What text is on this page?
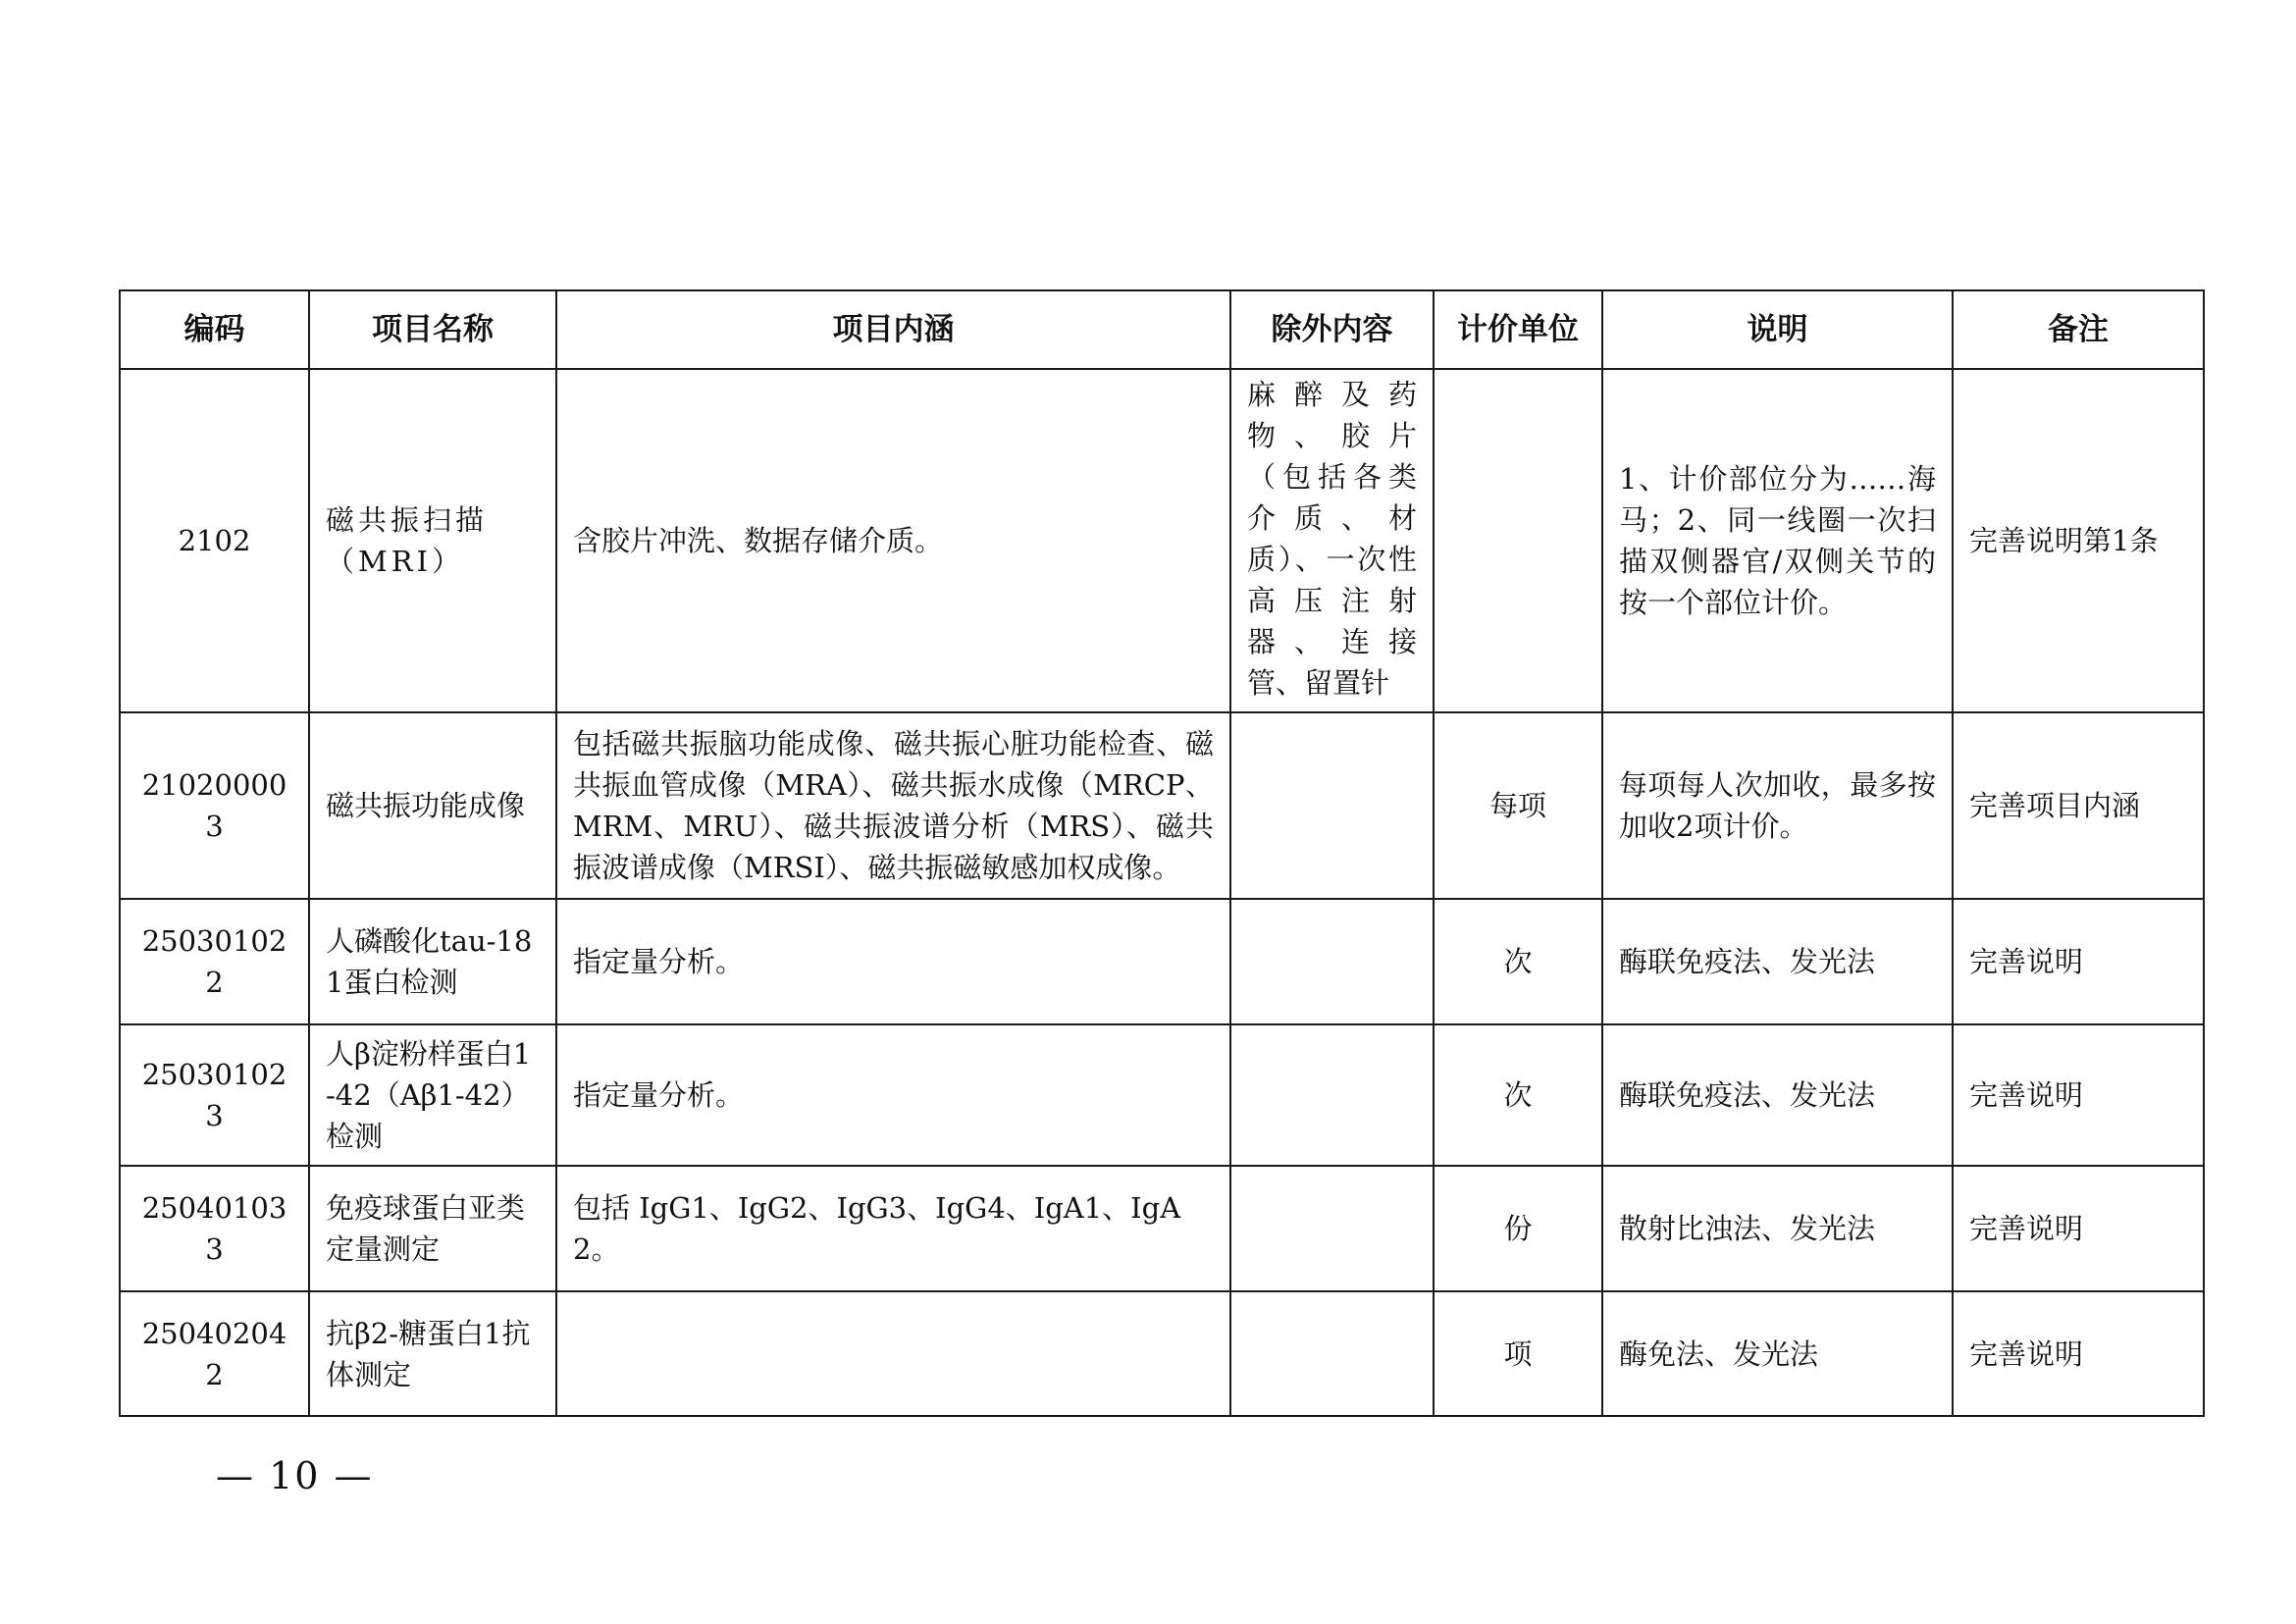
编码	项目名称	项目内涵	除外内容	计价单位	说明	备注
2102	磁共振扫描（MRI）	含胶片冲洗、数据存储介质。	麻醉及药物、胶片（包括各类介质、材质）、一次性高压注射器、连接管、留置针		1、计价部位分为……海马；2、同一线圈一次扫描双侧器官/双侧关节的按一个部位计价。	完善说明第1条
210200003	磁共振功能成像	包括磁共振脑功能成像、磁共振心脏功能检查、磁共振血管成像（MRA）、磁共振水成像（MRCP、MRM、MRU）、磁共振波谱分析（MRS）、磁共振波谱成像（MRSI）、磁共振磁敏感加权成像。		每项	每项每人次加收，最多按加收2项计价。	完善项目内涵
250301022	人磷酸化tau-181蛋白检测	指定量分析。		次	酶联免疫法、发光法	完善说明
250301023	人β淀粉样蛋白1-42（Aβ1-42）检测	指定量分析。		次	酶联免疫法、发光法	完善说明
250401033	免疫球蛋白亚类定量测定	包括 IgG1、IgG2、IgG3、IgG4、IgA1、IgA2。		份	散射比浊法、发光法	完善说明
250402042	抗β2-糖蛋白1抗体测定			项	酶免法、发光法	完善说明
— 10 —
